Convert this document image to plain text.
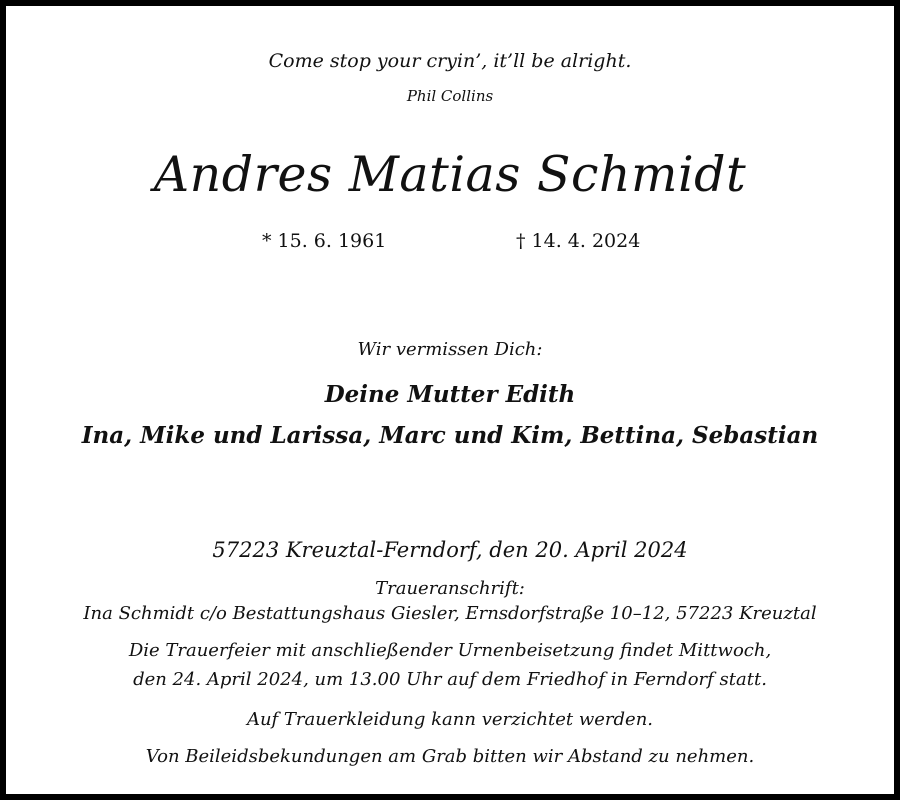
Come stop your cryin’, it’ll be alright.
Phil Collins
Andres Matias Schmidt
* 15. 6. 1961	† 14. 4. 2024
Wir vermissen Dich:
Deine Mutter Edith
Ina, Mike und Larissa, Marc und Kim, Bettina, Sebastian
57223 Kreuztal-Ferndorf, den 20. April 2024
Traueranschrift:
Ina Schmidt c/o Bestattungshaus Giesler, Ernsdorfstraße 10–12, 57223 Kreuztal
Die Trauerfeier mit anschließender Urnenbeisetzung findet Mittwoch,
den 24. April 2024, um 13.00 Uhr auf dem Friedhof in Ferndorf statt.
Auf Trauerkleidung kann verzichtet werden.
Von Beileidsbekundungen am Grab bitten wir Abstand zu nehmen.
